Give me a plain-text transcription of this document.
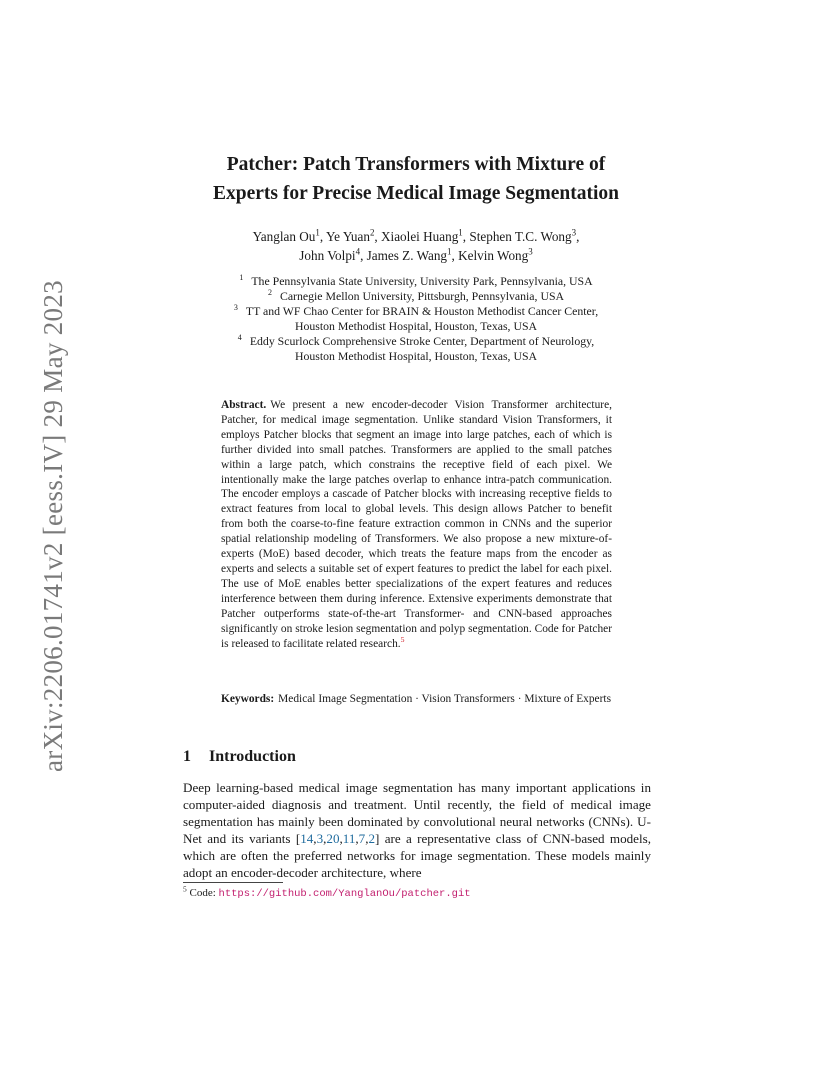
arXiv:2206.01741v2 [eess.IV] 29 May 2023
Patcher: Patch Transformers with Mixture of
Experts for Precise Medical Image Segmentation
Yanglan Ou$^1$, Ye Yuan$^2$, Xiaolei Huang$^1$, Stephen T.C. Wong$^3$,
John Volpi$^4$, James Z. Wang$^1$, Kelvin Wong$^3$
$^1$ The Pennsylvania State University, University Park, Pennsylvania, USA
$^2$ Carnegie Mellon University, Pittsburgh, Pennsylvania, USA
$^3$ TT and WF Chao Center for BRAIN & Houston Methodist Cancer Center,
Houston Methodist Hospital, Houston, Texas, USA
$^4$ Eddy Scurlock Comprehensive Stroke Center, Department of Neurology,
Houston Methodist Hospital, Houston, Texas, USA
Abstract. We present a new encoder-decoder Vision Transformer architecture, Patcher, for medical image segmentation. Unlike standard Vision Transformers, it employs Patcher blocks that segment an image into large patches, each of which is further divided into small patches. Transformers are applied to the small patches within a large patch, which constrains the receptive field of each pixel. We intentionally make the large patches overlap to enhance intra-patch communication. The encoder employs a cascade of Patcher blocks with increasing receptive fields to extract features from local to global levels. This design allows Patcher to benefit from both the coarse-to-fine feature extraction common in CNNs and the superior spatial relationship modeling of Transformers. We also propose a new mixture-of-experts (MoE) based decoder, which treats the feature maps from the encoder as experts and selects a suitable set of expert features to predict the label for each pixel. The use of MoE enables better specializations of the expert features and reduces interference between them during inference. Extensive experiments demonstrate that Patcher outperforms state-of-the-art Transformer- and CNN-based approaches significantly on stroke lesion segmentation and polyp segmentation. Code for Patcher is released to facilitate related research.$^5$
Keywords: Medical Image Segmentation · Vision Transformers · Mixture of Experts
1 Introduction
Deep learning-based medical image segmentation has many important applications in computer-aided diagnosis and treatment. Until recently, the field of medical image segmentation has mainly been dominated by convolutional neural networks (CNNs). U-Net and its variants [14,3,20,11,7,2] are a representative class of CNN-based models, which are often the preferred networks for image segmentation. These models mainly adopt an encoder-decoder architecture, where
$^5$ Code: https://github.com/YanglanOu/patcher.git
